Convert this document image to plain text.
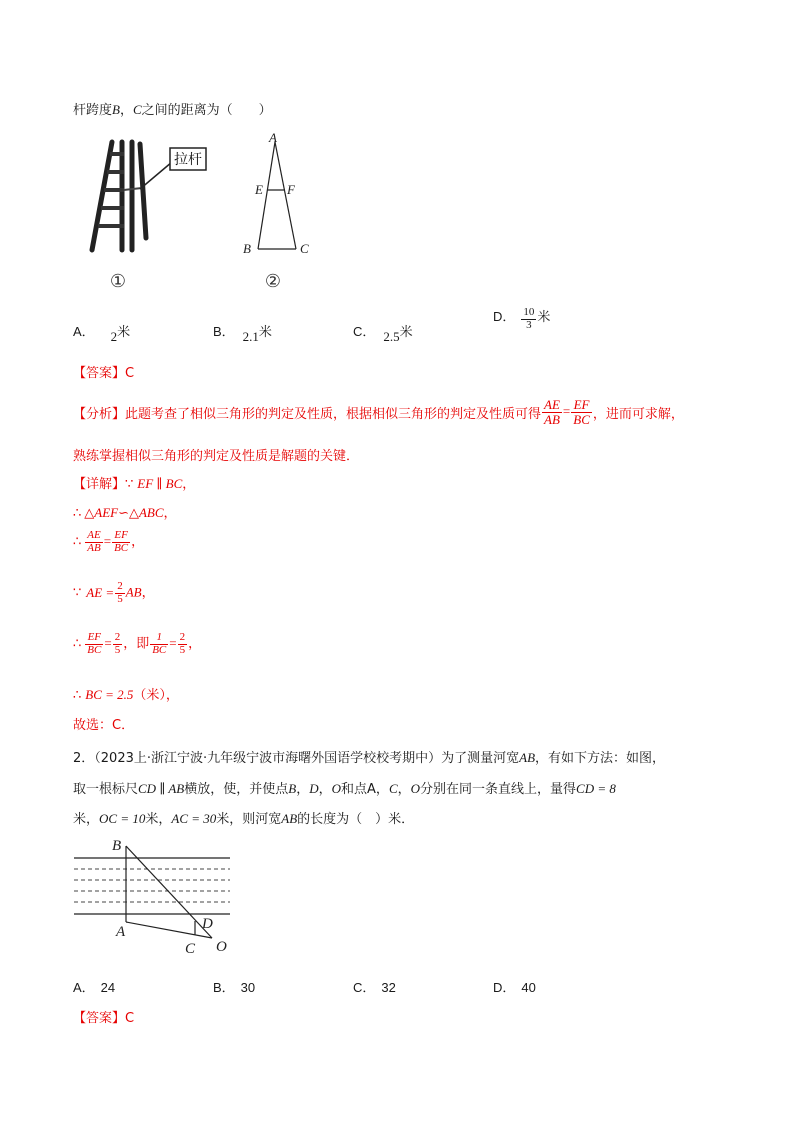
杆跨度B，C之间的距离为（　　）
拉杆
①
A
E F
B	C
②
A． 2米	B． 2.1米	C． 2.5米
D． $\frac{10}{3}$ 米
【答案】C
【分析】此题考查了相似三角形的判定及性质，根据相似三角形的判定及性质可得 $\frac{AE}{AB} = \frac{EF}{BC}$ ，进而可求解，
熟练掌握相似三角形的判定及性质是解题的关键．
【详解】∵ EF ∥ BC，
∴ △AEF∽△ABC，
∴ $\frac{AE}{AB} = \frac{EF}{BC}$ ，
∵ AE = $\frac{2}{5}$ AB，
∴ $\frac{EF}{BC} = \frac{2}{5}$ ，即 $\frac{1}{BC} = \frac{2}{5}$ ，
∴ BC = 2.5（米），
故选：C．
2．（2023上·浙江宁波·九年级宁波市海曙外国语学校校考期中）为了测量河宽AB，有如下方法：如图，
取一根标尺CD ∥ AB横放，使，并使点B，D，O和点A，C，O分别在同一条直线上，量得CD = 8
米，OC = 10米，AC = 30米，则河宽AB的长度为（　）米．
B
A
C
D
O
A． 24	B． 30	C． 32	D． 40
【答案】C
